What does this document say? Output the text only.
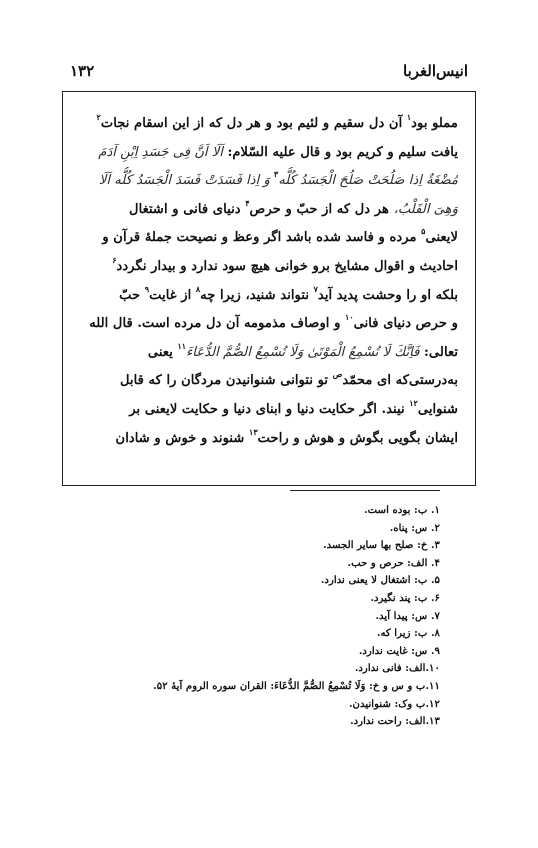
انیس‌الغربا
۱۳۲
مملو بود$^۱$ آن دل سقیم و لئیم بود و هر دل که از این اسقام نجات$^۲$
یافت سلیم و کریم بود و قال علیه السّلام: اَلَا اَنَّ فِی جَسَدِ اِبْنِ آدَمَ
مُضْغَةٌ اِذا صَلُحَتْ صَلُحَ الْجَسَدُ کُلُّه$^۳$ وَ اِذا فَسَدَتْ فَسَدَ الْجَسَدُ کُلُّه اَلَا
وَهِیَ الْقَلْبُ، هر دل که از حبّ و حرص$^۴$ دنیای فانی و اشتغال
لایعنی$^۵$ مرده و فاسد شده باشد اگر وعظ و نصیحت جملهٔ قرآن و
احادیث و اقوال مشایخ برو خوانی هیچ سود ندارد و بیدار نگردد$^۶$
بلکه او را وحشت پدید آید$^۷$ نتواند شنید، زیرا چه$^۸$ از غایت$^۹$ حبّ
و حرص دنیای فانی$^{۱۰}$ و اوصاف مذمومه آن دل مرده است. قال الله
تعالی: فَاِنَّكَ لَا تُسْمِعُ الْمَوْتَىٰ وَلَا تُسْمِعُ الصُّمَّ الدُّعَاءَ$^{۱۱}$ یعنی
به‌درستی‌که ای محمّد$^ص$ تو نتوانی شنوانیدن مردگان را که قابل
شنوایی$^{۱۲}$ نیند. اگر حکایت دنیا و ابنای دنیا و حکایت لایعنی بر
ایشان بگویی بگوش و هوش و راحت$^{۱۳}$ شنوند و خوش و شادان
۱. ب: بوده است.
۲. س: پناه.
۳. خ: صلح بها سایر الجسد.
۴. الف: حرص و حب.
۵. ب: اشتغال لا یعنی ندارد.
۶. ب: پند نگیرد.
۷. س: پیدا آید.
۸. ب: زیرا که.
۹. س: غایت ندارد.
۱۰.الف: فانی ندارد.
۱۱.ب و س و خ: وَلَا تُسْمِعُ الصُّمَّ الدُّعَاءَ: القران سوره الروم آیهٔ ۵۲.
۱۲.ب وک: شنوانیدن.
۱۳.الف: راحت ندارد.
